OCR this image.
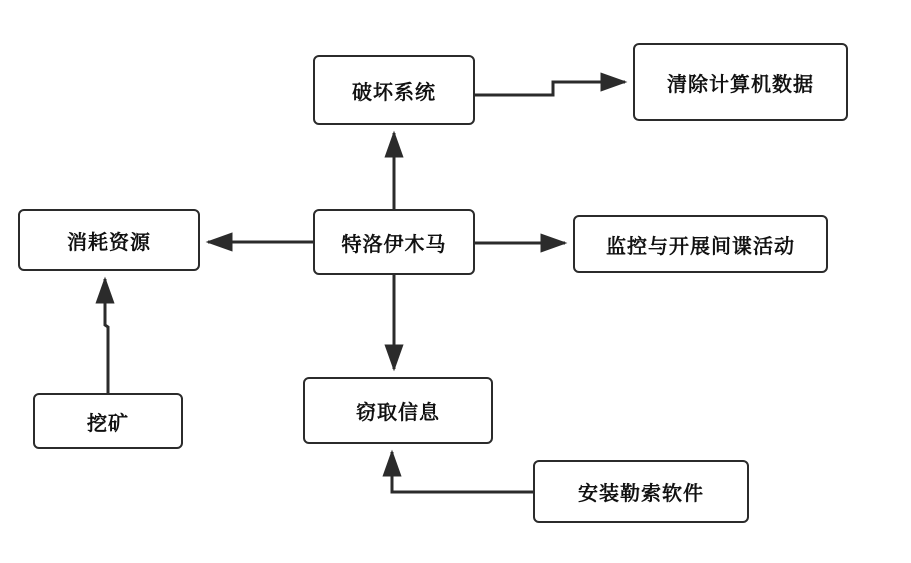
特洛伊木马
破坏系统	清除计算机数据
消耗资源
挖矿
监控与开展间谍活动
窃取信息
安装勒索软件
